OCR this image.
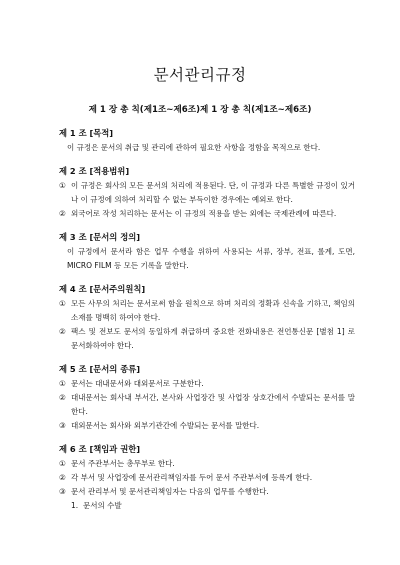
문서관리규정
제 1 장 총 칙(제1조~제6조)제 1 장 총 칙(제1조~제6조)
제 1 조 [목적]
이 규정은 문서의 취급 및 관리에 관하여 필요한 사항을 정함을 목적으로 한다.
제 2 조 [적용범위]
① 이 규정은 회사의 모든 문서의 처리에 적용된다. 단, 이 규정과 다른 특별한 규정이 있거나 이 규정에 의하여 처리할 수 없는 부득이한 경우에는 예외로 한다.
② 외국어로 작성 처리하는 문서는 이 규정의 적용을 받는 외에는 국제관례에 따른다.
제 3 조 [문서의 정의]
이 규정에서 문서라 함은 업무 수행을 위하여 사용되는 서류, 장부, 전표, 롤계, 도면, MICRO FILM 등 모든 기록을 말한다.
제 4 조 [문서주의원칙]
① 모든 사무의 처리는 문서로써 함을 원칙으로 하며 처리의 정확과 신속을 기하고, 책임의 소재를 명백히 하여야 한다.
② 팩스 및 전보도 문서의 동일하게 취급하며 중요한 전화내용은 전언통신문 [별첨 1] 로 문서화하여야 한다.
제 5 조 [문서의 종류]
① 문서는 대내문서와 대외문서로 구분한다.
② 대내문서는 회사내 부서간, 본사와 사업장간 및 사업장 상호간에서 수발되는 문서를 말한다.
③ 대외문서는 회사와 외부기관간에 수발되는 문서를 말한다.
제 6 조 [책임과 권한]
① 문서 주관부서는 총무부로 한다.
② 각 부서 및 사업장에 문서관리책임자를 두어 문서 주관부서에 등록게 한다.
③ 문서 관리부서 및 문서관리책임자는 다음의 업무를 수행한다.
1. 문서의 수발
